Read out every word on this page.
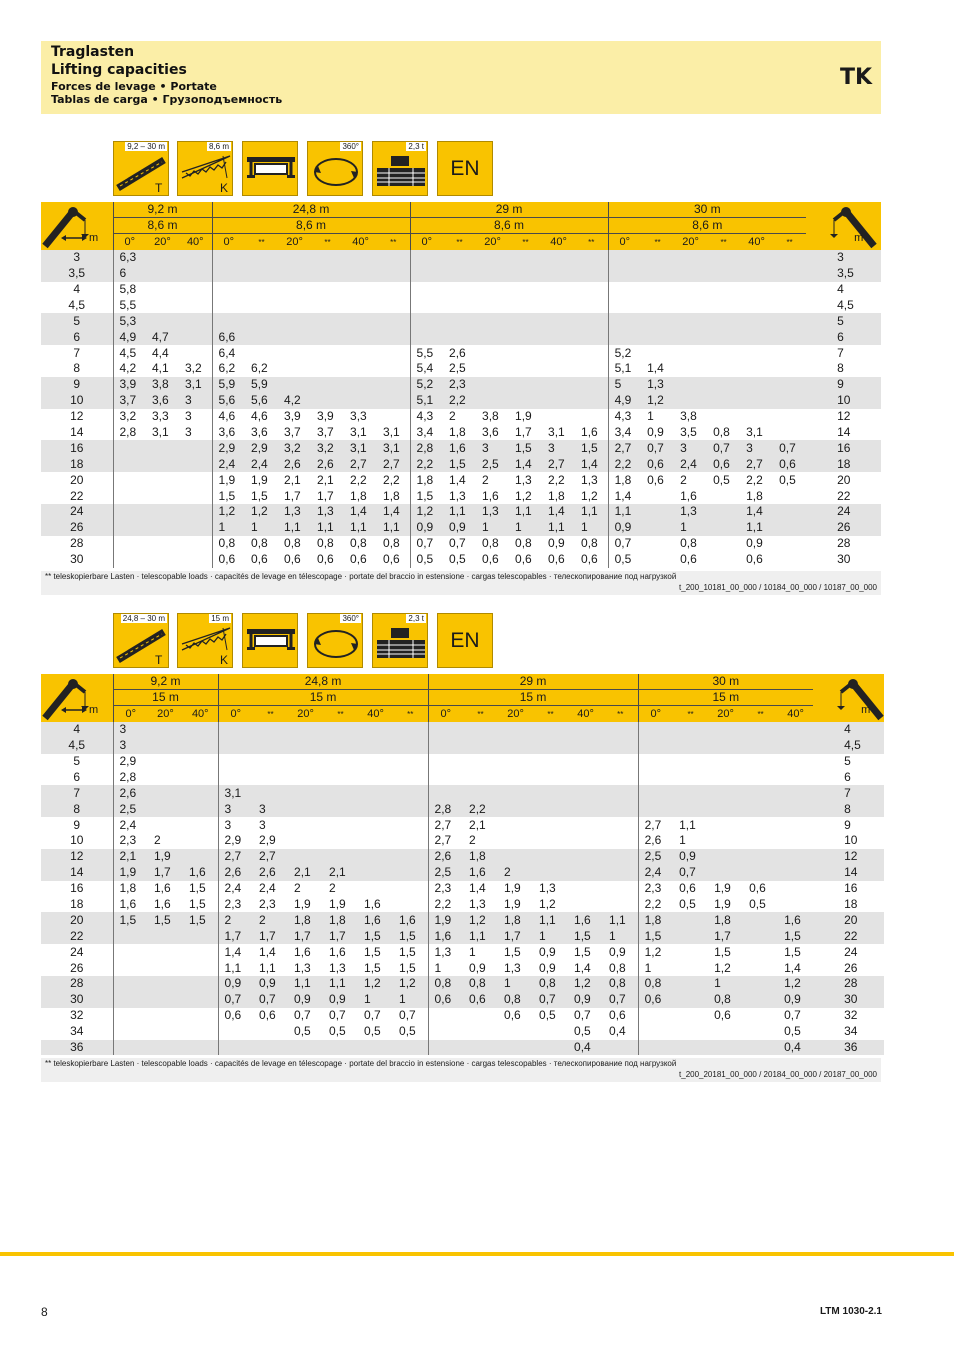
Traglasten
Lifting capacities
Forces de levage • Portate
Tablas de carga • Грузоподъемность
TK
9,2 – 30 m
T
8,6 m
K
360°	2,3 t
EN
m	9,2 m			24,8 m						29 m						30 m						m

	8,6 m			8,6 m						8,6 m						8,6 m						
	0°	20°	40°	0°	**	20°	**	40°	**	0°	**	20°	**	40°	**	0°	**	20°	**	40°	**	
3	6,3																					3
3,5	6																					3,5
4	5,8																					4
4,5	5,5																					4,5
5	5,3																					5
6	4,9	4,7		6,6																		6
7	4,5	4,4		6,4						5,5	2,6					5,2						7
8	4,2	4,1	3,2	6,2	6,2					5,4	2,5					5,1	1,4					8
9	3,9	3,8	3,1	5,9	5,9					5,2	2,3					5	1,3					9
10	3,7	3,6	3	5,6	5,6	4,2				5,1	2,2					4,9	1,2					10
12	3,2	3,3	3	4,6	4,6	3,9	3,9	3,3		4,3	2	3,8	1,9			4,3	1	3,8				12
14	2,8	3,1	3	3,6	3,6	3,7	3,7	3,1	3,1	3,4	1,8	3,6	1,7	3,1	1,6	3,4	0,9	3,5	0,8	3,1		14
16				2,9	2,9	3,2	3,2	3,1	3,1	2,8	1,6	3	1,5	3	1,5	2,7	0,7	3	0,7	3	0,7	16
18				2,4	2,4	2,6	2,6	2,7	2,7	2,2	1,5	2,5	1,4	2,7	1,4	2,2	0,6	2,4	0,6	2,7	0,6	18
20				1,9	1,9	2,1	2,1	2,2	2,2	1,8	1,4	2	1,3	2,2	1,3	1,8	0,6	2	0,5	2,2	0,5	20
22				1,5	1,5	1,7	1,7	1,8	1,8	1,5	1,3	1,6	1,2	1,8	1,2	1,4		1,6		1,8		22
24				1,2	1,2	1,3	1,3	1,4	1,4	1,2	1,1	1,3	1,1	1,4	1,1	1,1		1,3		1,4		24
26				1	1	1,1	1,1	1,1	1,1	0,9	0,9	1	1	1,1	1	0,9		1		1,1		26
28				0,8	0,8	0,8	0,8	0,8	0,8	0,7	0,7	0,8	0,8	0,9	0,8	0,7		0,8		0,9		28
30				0,6	0,6	0,6	0,6	0,6	0,6	0,5	0,5	0,6	0,6	0,6	0,6	0,5		0,6		0,6		30
** teleskopierbare Lasten · telescopable loads · capacités de levage en télescopage · portate del braccio in estensione · cargas telescopables · телескопирование под нагрузкой
t_200_10181_00_000 / 10184_00_000 / 10187_00_000
24,8 – 30 m
T
15 m
K
360°	2,3 t
EN
m	9,2 m			24,8 m						29 m						30 m					m

	15 m			15 m						15 m						15 m					
	0°	20°	40°	0°	**	20°	**	40°	**	0°	**	20°	**	40°	**	0°	**	20°	**	40°	
4	3																				4
4,5	3																				4,5
5	2,9																				5
6	2,8																				6
7	2,6			3,1																	7
8	2,5			3	3					2,8	2,2										8
9	2,4			3	3					2,7	2,1					2,7	1,1				9
10	2,3	2		2,9	2,9					2,7	2					2,6	1				10
12	2,1	1,9		2,7	2,7					2,6	1,8					2,5	0,9				12
14	1,9	1,7	1,6	2,6	2,6	2,1	2,1			2,5	1,6	2				2,4	0,7				14
16	1,8	1,6	1,5	2,4	2,4	2	2			2,3	1,4	1,9	1,3			2,3	0,6	1,9	0,6		16
18	1,6	1,6	1,5	2,3	2,3	1,9	1,9	1,6		2,2	1,3	1,9	1,2			2,2	0,5	1,9	0,5		18
20	1,5	1,5	1,5	2	2	1,8	1,8	1,6	1,6	1,9	1,2	1,8	1,1	1,6	1,1	1,8		1,8		1,6	20
22				1,7	1,7	1,7	1,7	1,5	1,5	1,6	1,1	1,7	1	1,5	1	1,5		1,7		1,5	22
24				1,4	1,4	1,6	1,6	1,5	1,5	1,3	1	1,5	0,9	1,5	0,9	1,2		1,5		1,5	24
26				1,1	1,1	1,3	1,3	1,5	1,5	1	0,9	1,3	0,9	1,4	0,8	1		1,2		1,4	26
28				0,9	0,9	1,1	1,1	1,2	1,2	0,8	0,8	1	0,8	1,2	0,8	0,8		1		1,2	28
30				0,7	0,7	0,9	0,9	1	1	0,6	0,6	0,8	0,7	0,9	0,7	0,6		0,8		0,9	30
32				0,6	0,6	0,7	0,7	0,7	0,7			0,6	0,5	0,7	0,6			0,6		0,7	32
34						0,5	0,5	0,5	0,5					0,5	0,4					0,5	34
36														0,4						0,4	36
** teleskopierbare Lasten · telescopable loads · capacités de levage en télescopage · portate del braccio in estensione · cargas telescopables · телескопирование под нагрузкой
t_200_20181_00_000 / 20184_00_000 / 20187_00_000
8	LTM 1030-2.1
